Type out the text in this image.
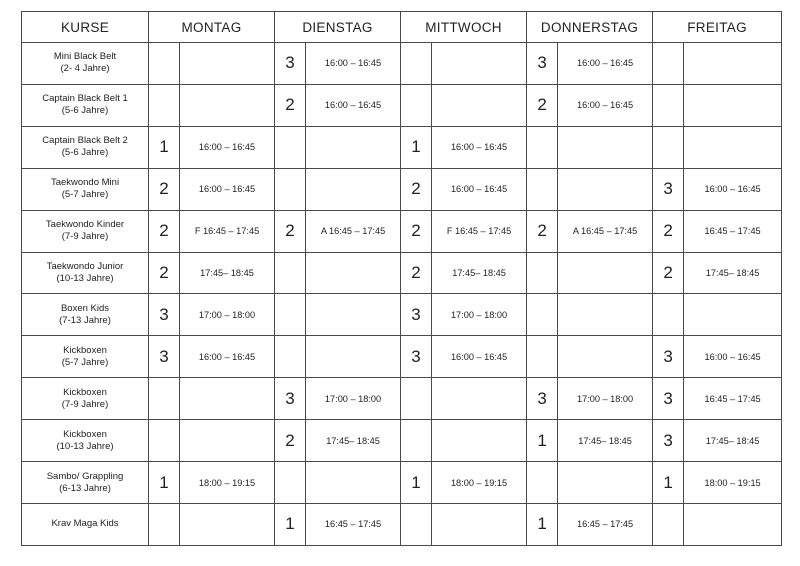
KURSE	MONTAG		DIENSTAG		MITTWOCH		DONNERSTAG		FREITAG	
Mini Black Belt
(2- 4 Jahre)			3	16:00 – 16:45			3	16:00 – 16:45		
Captain Black Belt 1
(5-6 Jahre)			2	16:00 – 16:45			2	16:00 – 16:45		
Captain Black Belt 2
(5-6 Jahre)	1	16:00 – 16:45			1	16:00 – 16:45				
Taekwondo Mini
(5-7 Jahre)	2	16:00 – 16:45			2	16:00 – 16:45			3	16:00 – 16:45
Taekwondo Kinder
(7-9 Jahre)	2	F 16:45 – 17:45	2	A 16:45 – 17:45	2	F 16:45 – 17:45	2	A 16:45 – 17:45	2	16:45 – 17:45
Taekwondo Junior
(10-13 Jahre)	2	17:45– 18:45			2	17:45– 18:45			2	17:45– 18:45
Boxen Kids
(7-13 Jahre)	3	17:00 – 18:00			3	17:00 – 18:00				
Kickboxen
(5-7 Jahre)	3	16:00 – 16:45			3	16:00 – 16:45			3	16:00 – 16:45
Kickboxen
(7-9 Jahre)			3	17:00 – 18:00			3	17:00 – 18:00	3	16:45 – 17:45
Kickboxen
(10-13 Jahre)			2	17:45– 18:45			1	17:45– 18:45	3	17:45– 18:45
Sambo/ Grappling
(6-13 Jahre)	1	18:00 – 19:15			1	18:00 – 19:15			1	18:00 – 19:15
Krav Maga Kids			1	16:45 – 17:45			1	16:45 – 17:45		
